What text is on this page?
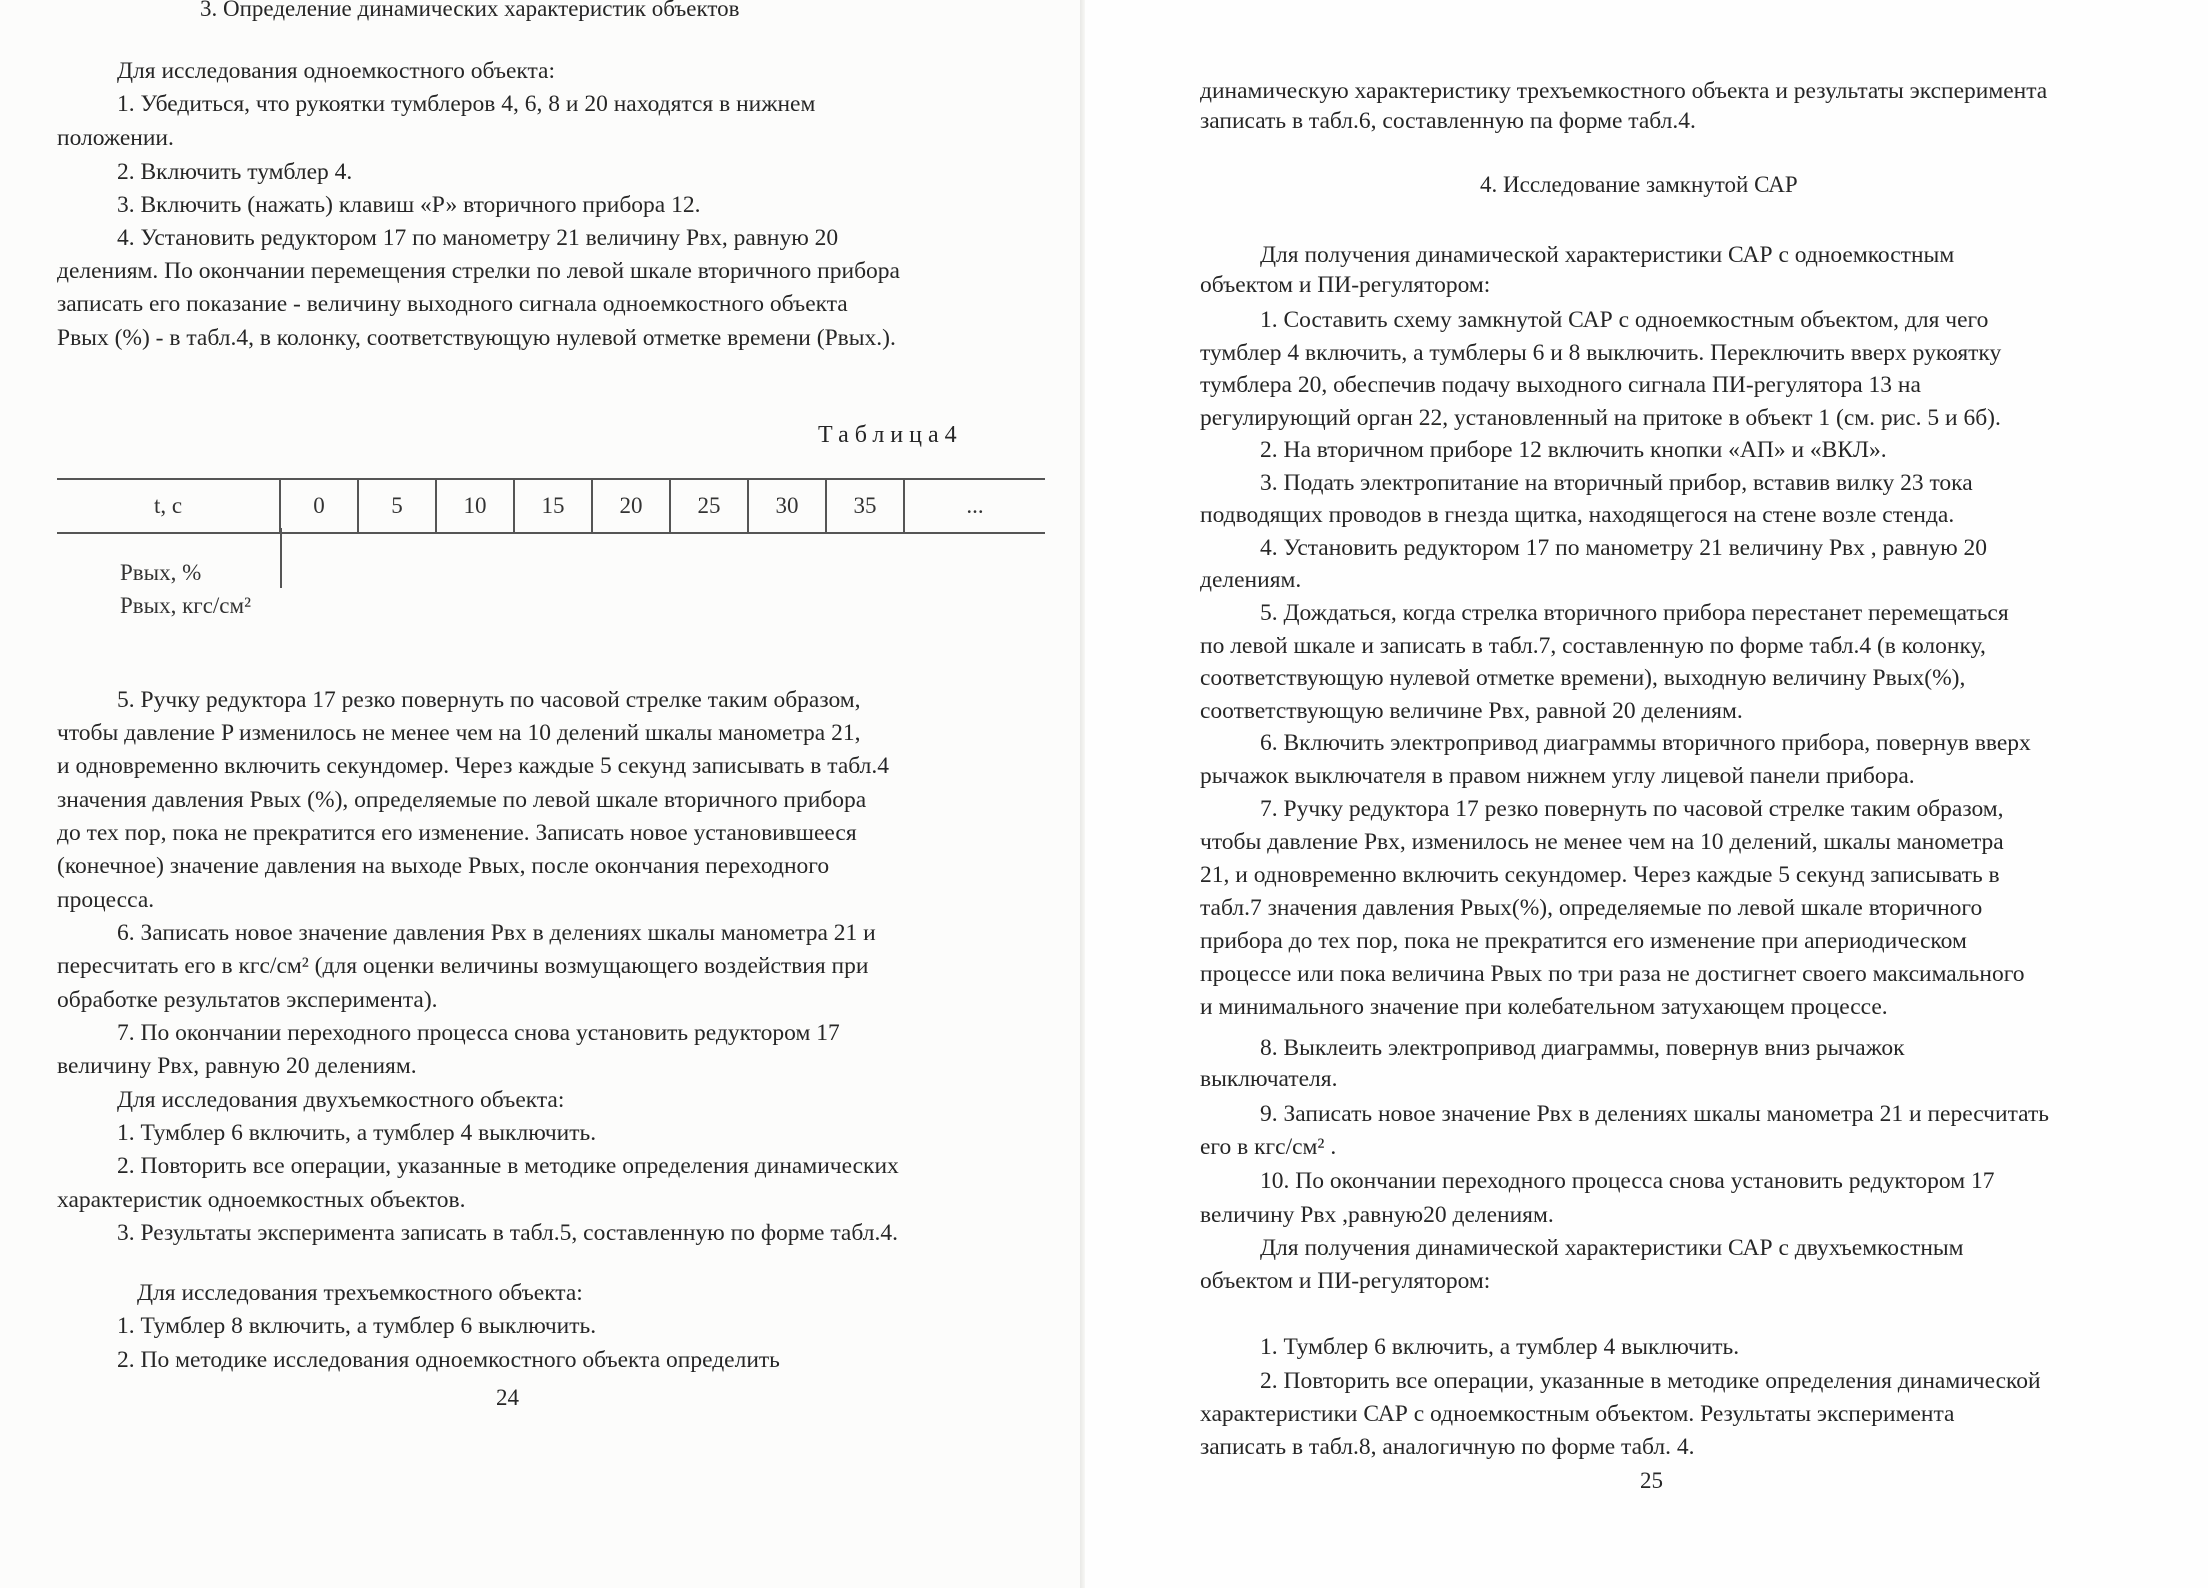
3. Определение динамических характеристик объектов

Для исследования одноемкостного объекта:

1. Убедиться, что рукоятки тумблеров 4, 6, 8 и 20 находятся в нижнем

положении.

2. Включить тумблер 4.

3. Включить (нажать) клавиш «Р» вторичного прибора 12.

4. Установить редуктором 17 по манометру 21 величину Pвх, равную 20

делениям. По окончании перемещения стрелки по левой шкале вторичного прибора

записать его показание - величину выходного сигнала одноемкостного объекта

Pвых (%) - в табл.4, в колонку, соответствующую нулевой отметке времени (Pвых.).

Таблица4

t, c	0	5	10	15	20	25	30	35	...
Pвых, %
Pвых, кгс/см²

5. Ручку редуктора 17 резко повернуть по часовой стрелке таким образом,

чтобы давление P изменилось не менее чем на 10 делений шкалы манометра 21,

и одновременно включить секундомер. Через каждые 5 секунд записывать в табл.4

значения давления Pвых (%), определяемые по левой шкале вторичного прибора

до тех пор, пока не прекратится его изменение. Записать новое установившееся

(конечное) значение давления на выходе Pвых, после окончания переходного

процесса.

6. Записать новое значение давления Pвх в делениях шкалы манометра 21 и

пересчитать его в кгс/см² (для оценки величины возмущающего воздействия при

обработке результатов эксперимента).

7. По окончании переходного процесса снова установить редуктором 17

величину Pвх, равную 20 делениям.

Для исследования двухъемкостного объекта:

1. Тумблер 6 включить, а тумблер 4 выключить.

2. Повторить все операции, указанные в методике определения динамических

характеристик одноемкостных объектов.

3. Результаты эксперимента записать в табл.5, составленную по форме табл.4.

Для исследования трехъемкостного объекта:

1. Тумблер 8 включить, а тумблер 6 выключить.

2. По методике исследования одноемкостного объекта определить

24

динамическую характеристику трехъемкостного объекта и результаты эксперимента

записать в табл.6, составленную па форме табл.4.

4. Исследование замкнутой САР

Для получения динамической характеристики САР с одноемкостным

объектом и ПИ-регулятором:

1. Составить схему замкнутой САР с одноемкостным объектом, для чего

тумблер 4 включить, а тумблеры 6 и 8 выключить. Переключить вверх рукоятку

тумблера 20, обеспечив подачу выходного сигнала ПИ-регулятора 13 на

регулирующий орган 22, установленный на притоке в объект 1 (см. рис. 5 и 6б).

2. На вторичном приборе 12 включить кнопки «АП» и «ВКЛ».

3. Подать электропитание на вторичный прибор, вставив вилку 23 тока

подводящих проводов в гнезда щитка, находящегося на стене возле стенда.

4. Установить редуктором 17 по манометру 21 величину Pвх , равную 20

делениям.

5. Дождаться, когда стрелка вторичного прибора перестанет перемещаться

по левой шкале и записать в табл.7, составленную по форме табл.4 (в колонку,

соответствующую нулевой отметке времени), выходную величину Pвых(%),

соответствующую величине Pвх, равной 20 делениям.

6. Включить электропривод диаграммы вторичного прибора, повернув вверх

рычажок выключателя в правом нижнем углу лицевой панели прибора.

7. Ручку редуктора 17 резко повернуть по часовой стрелке таким образом,

чтобы давление Pвх, изменилось не менее чем на 10 делений, шкалы манометра

21, и одновременно включить секундомер. Через каждые 5 секунд записывать в

табл.7 значения давления Pвых(%), определяемые по левой шкале вторичного

прибора до тех пор, пока не прекратится его изменение при апериодическом

процессе или пока величина Pвых по три раза не достигнет своего максимального

и минимального значение при колебательном затухающем процессе.

8. Выклеить электропривод диаграммы, повернув вниз рычажок

выключателя.

9. Записать новое значение Pвх в делениях шкалы манометра 21 и пересчитать

его в кгс/см² .

10. По окончании переходного процесса снова установить редуктором 17

величину Pвх ,равную20 делениям.

Для получения динамической характеристики САР с двухъемкостным

объектом и ПИ-регулятором:

1. Тумблер 6 включить, а тумблер 4 выключить.

2. Повторить все операции, указанные в методике определения динамической

характеристики САР с одноемкостным объектом. Результаты эксперимента

записать в табл.8, аналогичную по форме табл. 4.

25
